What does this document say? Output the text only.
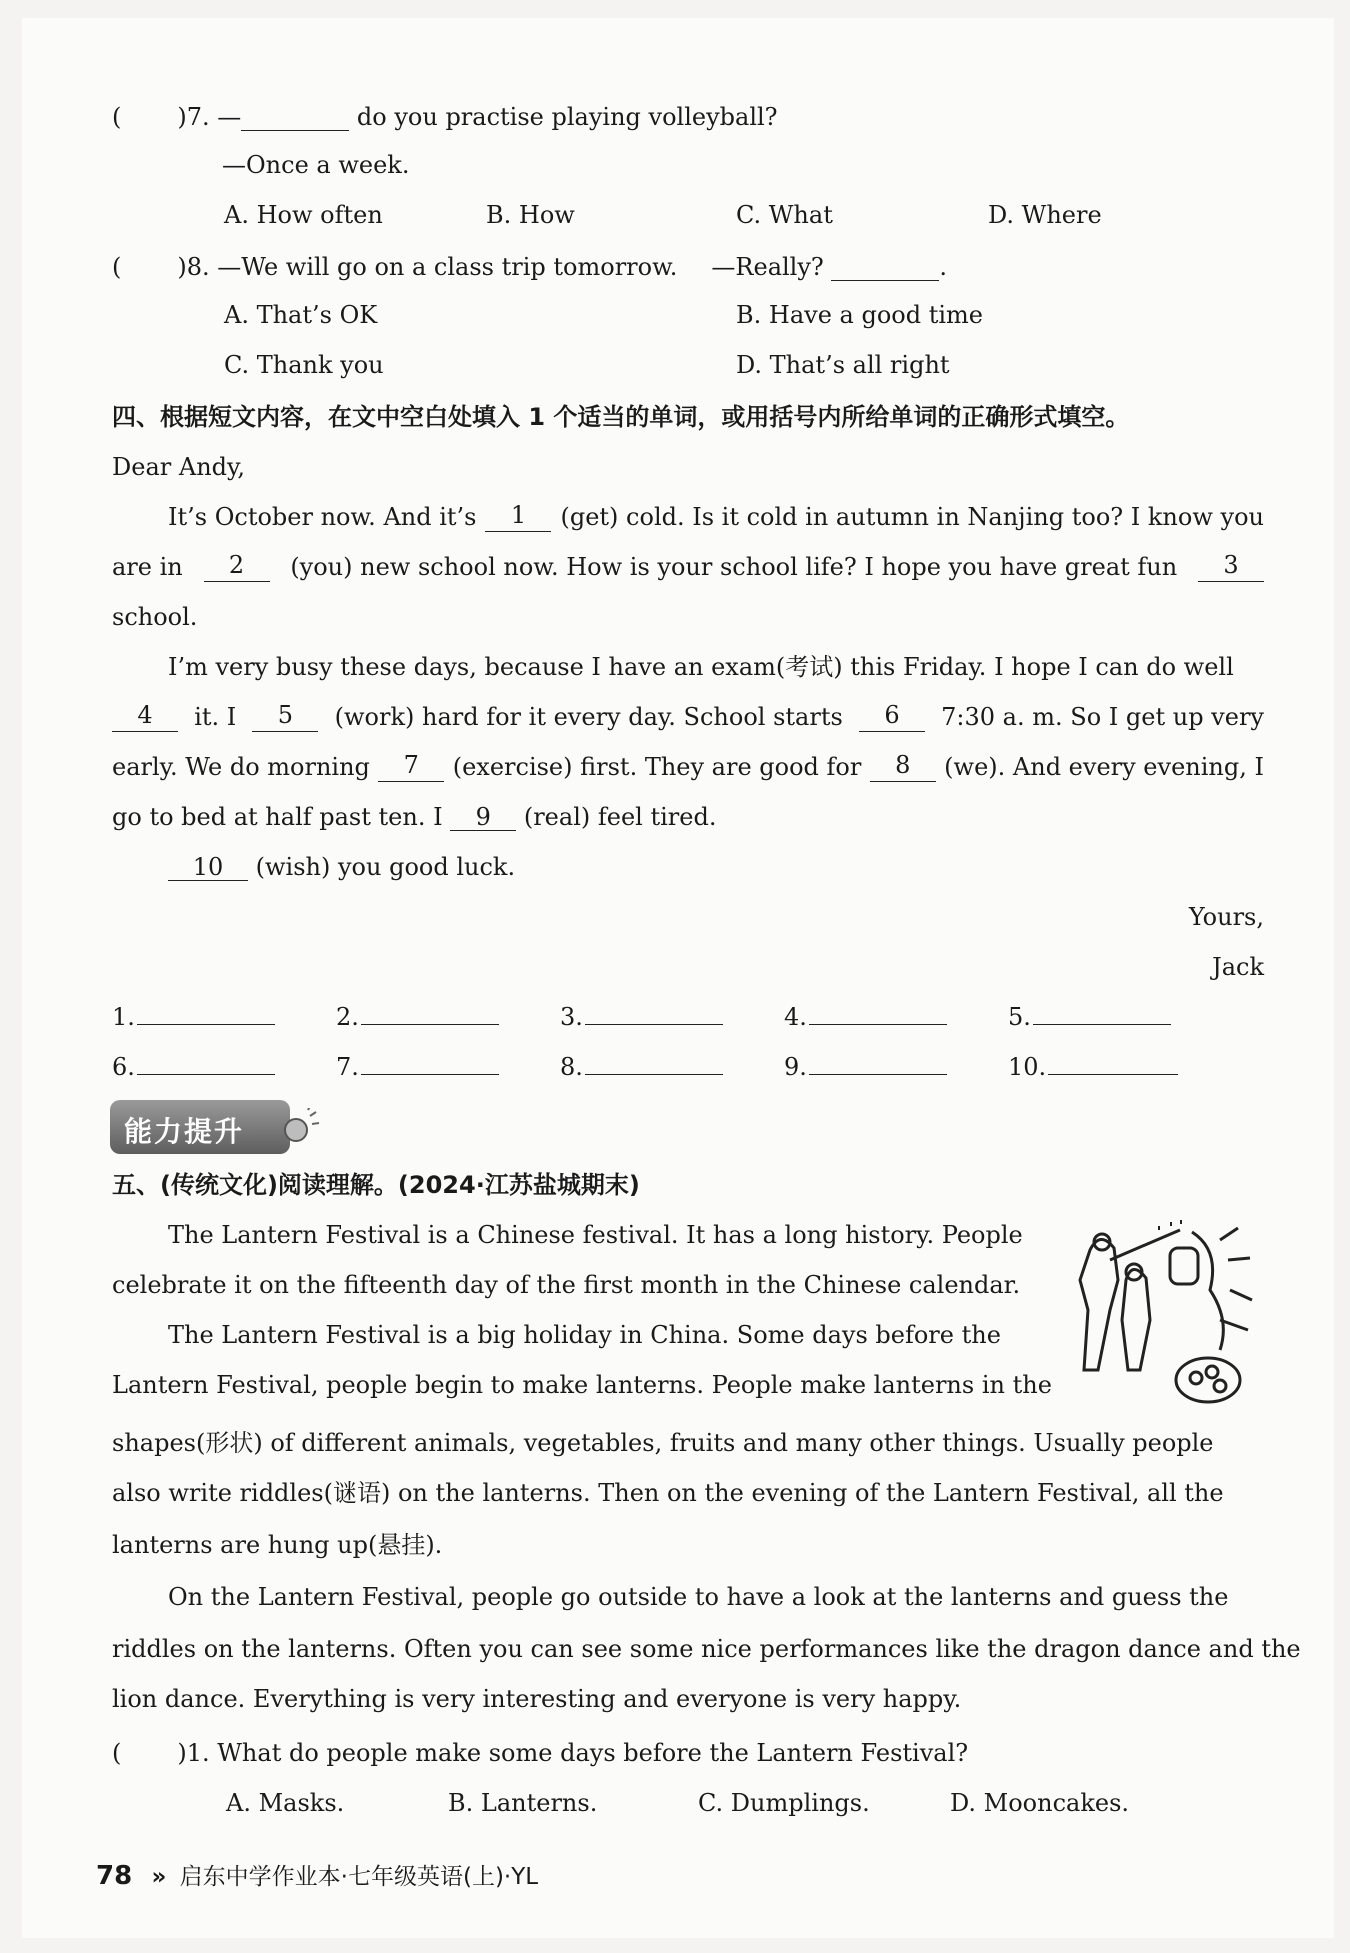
( )7. —	do you practise playing volleyball?
—Once a week.
A. How often	B. How	C. What	D. Where
( )8. —We will go on a class trip tomorrow. —Really?	.
A. That’s OK	B. Have a good time
C. Thank you	D. That’s all right
四、根据短文内容，在文中空白处填入 1 个适当的单词，或用括号内所给单词的正确形式填空。
Dear Andy,
It’s October now. And it’s	1	(get) cold. Is it cold in autumn in Nanjing too? I know you
are in	2	(you) new school now. How is your school life? I hope you have great fun	3
school.
I’m very busy these days, because I have an exam(考试) this Friday. I hope I can do well
4	it. I	5	(work) hard for it every day. School starts	6	7:30 a. m. So I get up very
early. We do morning	7	(exercise) first. They are good for	8	(we). And every evening, I
go to bed at half past ten. I 9 (real) feel tired.
10 (wish) you good luck.
Yours,
Jack
1.	2.	3.	4.	5.
6.	7.	8.	9.	10.
能力提升
五、(传统文化)阅读理解。(2024·江苏盐城期末)
The Lantern Festival is a Chinese festival. It has a long history. People
celebrate it on the fifteenth day of the first month in the Chinese calendar.
The Lantern Festival is a big holiday in China. Some days before the
Lantern Festival, people begin to make lanterns. People make lanterns in the
shapes(形状) of different animals, vegetables, fruits and many other things. Usually people
also write riddles(谜语) on the lanterns. Then on the evening of the Lantern Festival, all the
lanterns are hung up(悬挂).
On the Lantern Festival, people go outside to have a look at the lanterns and guess the
riddles on the lanterns. Often you can see some nice performances like the dragon dance and the
lion dance. Everything is very interesting and everyone is very happy.
( )1. What do people make some days before the Lantern Festival?
A. Masks.	B. Lanterns.	C. Dumplings.	D. Mooncakes.
78 » 启东中学作业本·七年级英语(上)·YL
